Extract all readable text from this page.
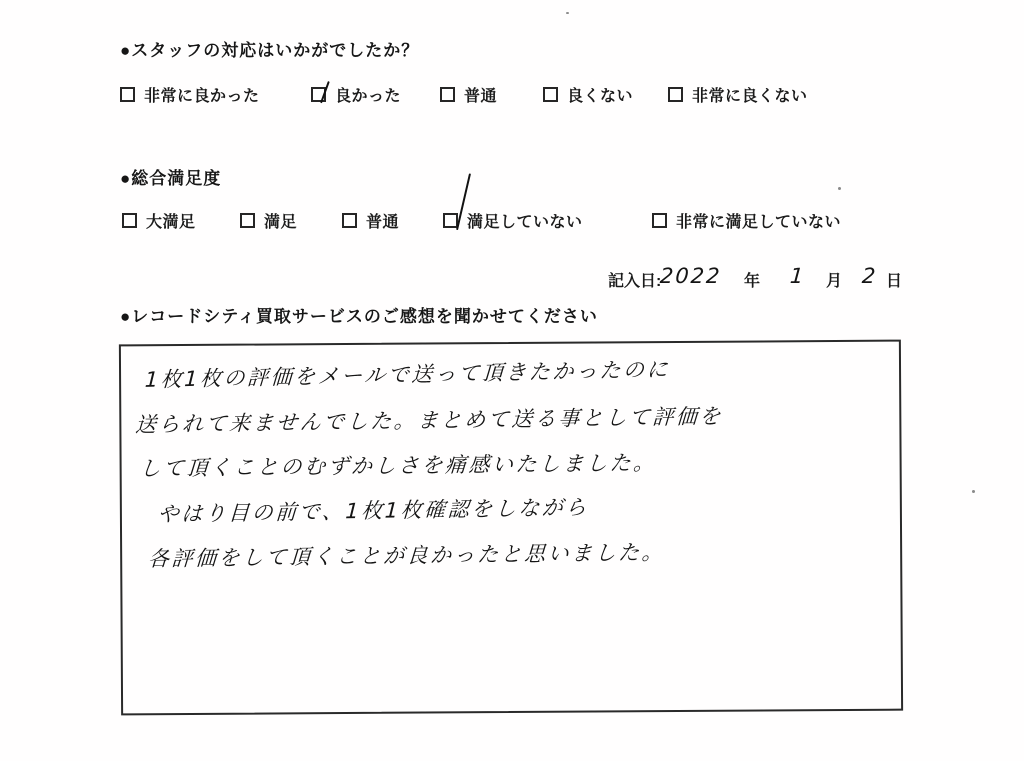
●スタッフの対応はいかがでしたか？
非常に良かった	良かった	普通	良くない	非常に良くない
●総合満足度
大満足	満足	普通	満足していない	非常に満足していない
記入日:
2022 年 1 月 2 日
●レコードシティ買取サービスのご感想を聞かせてください
1枚1枚の評価をメールで送って頂きたかったのに
送られて来ませんでした。まとめて送る事として評価を
して頂くことのむずかしさを痛感いたしました。
やはり目の前で、1枚1枚確認をしながら
各評価をして頂くことが良かったと思いました。
